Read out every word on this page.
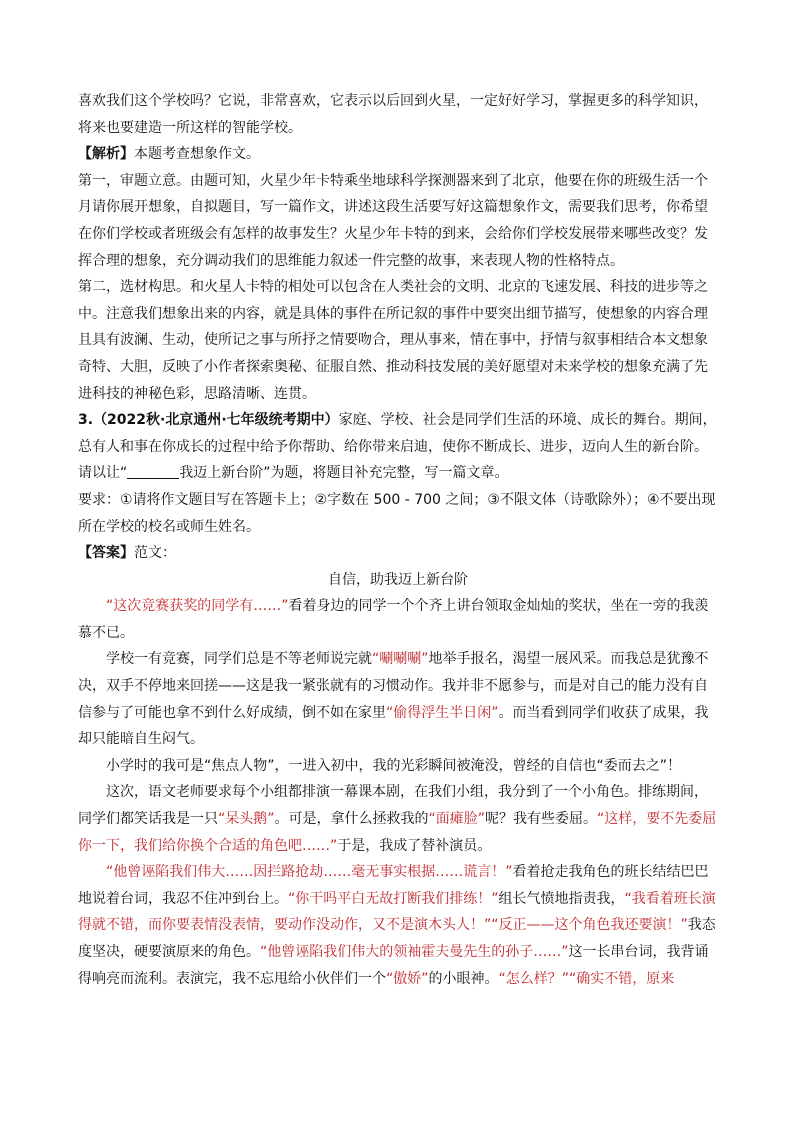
喜欢我们这个学校吗？它说，非常喜欢，它表示以后回到火星，一定好好学习，掌握更多的科学知识，将来也要建造一所这样的智能学校。

【解析】本题考查想象作文。

第一，审题立意。由题可知，火星少年卡特乘坐地球科学探测器来到了北京，他要在你的班级生活一个月请你展开想象，自拟题目，写一篇作文，讲述这段生活要写好这篇想象作文，需要我们思考，你希望在你们学校或者班级会有怎样的故事发生？火星少年卡特的到来，会给你们学校发展带来哪些改变？发挥合理的想象，充分调动我们的思维能力叙述一件完整的故事，来表现人物的性格特点。

第二，选材构思。和火星人卡特的相处可以包含在人类社会的文明、北京的飞速发展、科技的进步等之中。注意我们想象出来的内容，就是具体的事件在所记叙的事件中要突出细节描写，使想象的内容合理且具有波澜、生动，使所记之事与所抒之情要吻合，理从事来，情在事中，抒情与叙事相结合本文想象奇特、大胆，反映了小作者探索奥秘、征服自然、推动科技发展的美好愿望对未来学校的想象充满了先进科技的神秘色彩，思路清晰、连贯。

3.（2022秋·北京通州·七年级统考期中）家庭、学校、社会是同学们生活的环境、成长的舞台。期间，总有人和事在你成长的过程中给予你帮助、给你带来启迪，使你不断成长、进步，迈向人生的新台阶。

请以让“	我迈上新台阶”为题，将题目补充完整，写一篇文章。

要求：①请将作文题目写在答题卡上；②字数在 500 - 700 之间；③不限文体（诗歌除外）；④不要出现所在学校的校名或师生姓名。

【答案】范文：

自信，助我迈上新台阶

“这次竞赛获奖的同学有……”看着身边的同学一个个齐上讲台领取金灿灿的奖状，坐在一旁的我羡慕不已。

学校一有竞赛，同学们总是不等老师说完就“唰唰唰”地举手报名，渴望一展风采。而我总是犹豫不决，双手不停地来回搓——这是我一紧张就有的习惯动作。我并非不愿参与，而是对自己的能力没有自信参与了可能也拿不到什么好成绩，倒不如在家里“偷得浮生半日闲”。而当看到同学们收获了成果，我却只能暗自生闷气。

小学时的我可是“焦点人物”，一进入初中，我的光彩瞬间被淹没，曾经的自信也“委而去之”！

这次，语文老师要求每个小组都排演一幕课本剧，在我们小组，我分到了一个小角色。排练期间，同学们都笑话我是一只“呆头鹅”。可是，拿什么拯救我的“面瘫脸”呢？我有些委屈。“这样，要不先委屈你一下，我们给你换个合适的角色吧……”于是，我成了替补演员。

“他曾诬陷我们伟大……因拦路抢劫……毫无事实根据……谎言！”看着抢走我角色的班长结结巴巴地说着台词，我忍不住冲到台上。“你干吗平白无故打断我们排练！”组长气愤地指责我，“我看着班长演得就不错，而你要表情没表情，要动作没动作，又不是演木头人！”“反正——这个角色我还要演！”我态度坚决，硬要演原来的角色。“他曾诬陷我们伟大的领袖霍夫曼先生的孙子……”这一长串台词，我背诵得响亮而流利。表演完，我不忘甩给小伙伴们一个“傲娇”的小眼神。“怎么样？”“确实不错，原来
